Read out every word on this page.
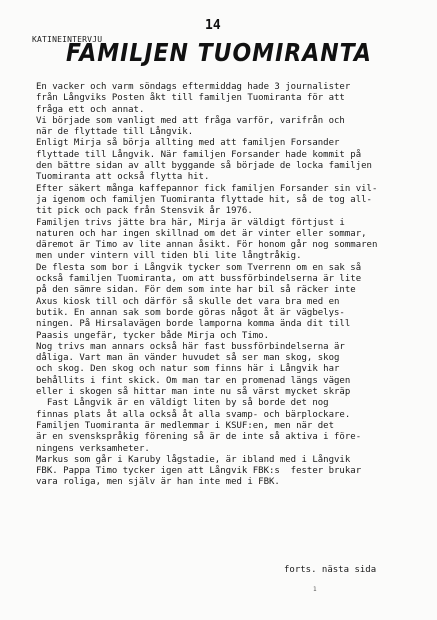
14
KATINEINTERVJU
FAMILJEN TUOMIRANTA

En vacker och varm söndags eftermiddag hade 3 journalister

från Långviks Posten åkt till familjen Tuomiranta för att

fråga ett och annat.

Vi började som vanligt med att fråga varför, varifrån och

när de flyttade till Långvik.

Enligt Mirja så börja allting med att familjen Forsander

flyttade till Långvik. När familjen Forsander hade kommit på

den bättre sidan av allt byggande så började de locka familjen

Tuomiranta att också flytta hit.

Efter säkert många kaffepannor fick familjen Forsander sin vil-

ja igenom och familjen Tuomiranta flyttade hit, så de tog all-

tit pick och pack från Stensvik år 1976.

Familjen trivs jätte bra här, Mirja är väldigt förtjust i

naturen och har ingen skillnad om det är vinter eller sommar,

däremot är Timo av lite annan åsikt. För honom går nog sommaren

men under vintern vill tiden bli lite långtråkig.

De flesta som bor i Långvik tycker som Tverrenn om en sak så

också familjen Tuomiranta, om att bussförbindelserna är lite

på den sämre sidan. För dem som inte har bil så räcker inte

Axus kiosk till och därför så skulle det vara bra med en

butik. En annan sak som borde göras något åt är vägbelys-

ningen. På Hirsalavägen borde lamporna komma ända dit till

Paasis ungefär, tycker både Mirja och Timo.

Nog trivs man annars också här fast bussförbindelserna är

dåliga. Vart man än vänder huvudet så ser man skog, skog

och skog. Den skog och natur som finns här i Långvik har

behållits i fint skick. Om man tar en promenad längs vägen

eller i skogen så hittar man inte nu så värst mycket skräp

Fast Långvik är en väldigt liten by så borde det nog

finnas plats åt alla också åt alla svamp- och bärplockare.

Familjen Tuomiranta är medlemmar i KSUF:en, men när det

är en svenskspråkig förening så är de inte så aktiva i före-

ningens verksamheter.

Markus som går i Karuby lågstadie, är ibland med i Långvik

FBK. Pappa Timo tycker igen att Långvik FBK:s  fester brukar

vara roliga, men själv är han inte med i FBK.

forts. nästa sida
1
